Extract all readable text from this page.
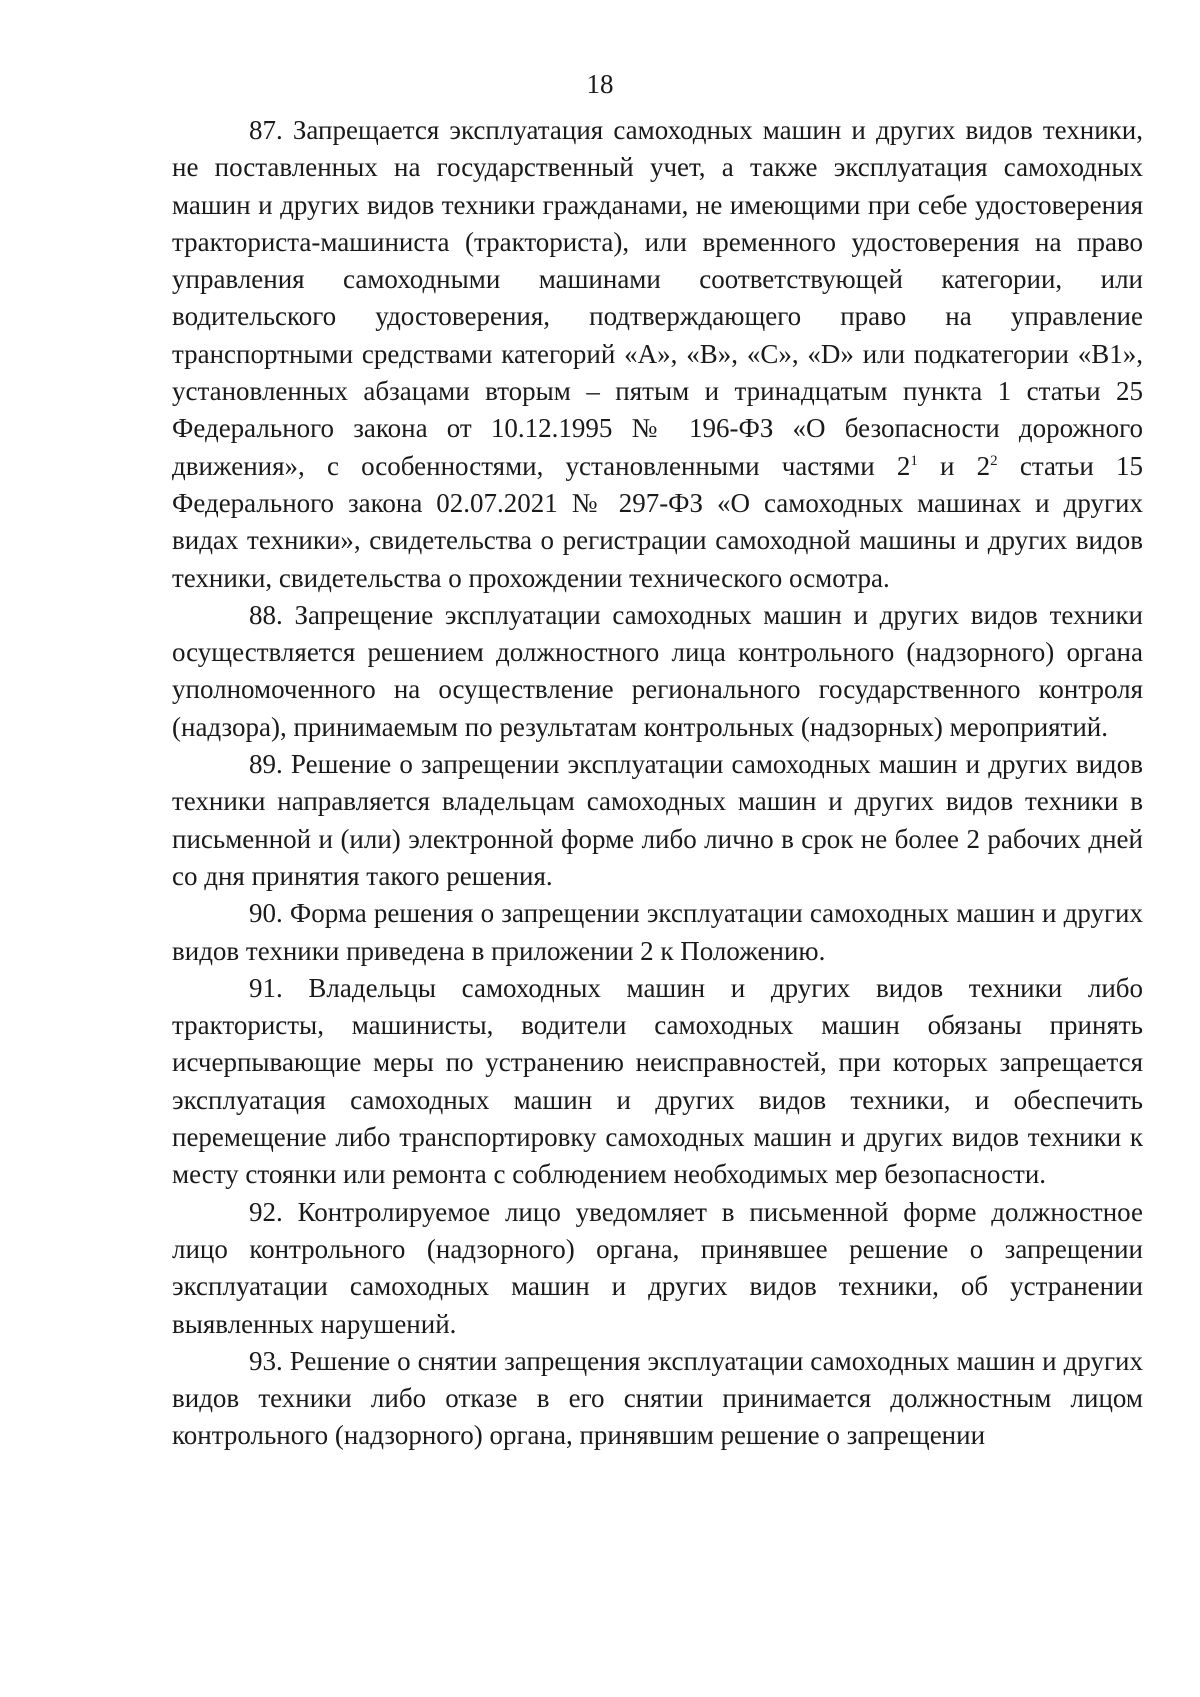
18

87. Запрещается эксплуатация самоходных машин и других видов техники, не поставленных на государственный учет, а также эксплуатация самоходных машин и других видов техники гражданами, не имеющими при себе удостоверения тракториста-машиниста (тракториста), или временного удостоверения на право управления самоходными машинами соответствующей категории, или водительского удостоверения, подтверждающего право на управление транспортными средствами категорий «A», «B», «C», «D» или подкатегории «B1», установленных абзацами вторым – пятым и тринадцатым пункта 1 статьи 25 Федерального закона от 10.12.1995 № 196-ФЗ «О безопасности дорожного движения», с особенностями, установленными частями $2^1$ и $2^2$ статьи 15 Федерального закона 02.07.2021 № 297-ФЗ «О самоходных машинах и других видах техники», свидетельства о регистрации самоходной машины и других видов техники, свидетельства о прохождении технического осмотра.

88. Запрещение эксплуатации самоходных машин и других видов техники осуществляется решением должностного лица контрольного (надзорного) органа уполномоченного на осуществление регионального государственного контроля (надзора), принимаемым по результатам контрольных (надзорных) мероприятий.

89. Решение о запрещении эксплуатации самоходных машин и других видов техники направляется владельцам самоходных машин и других видов техники в письменной и (или) электронной форме либо лично в срок не более 2 рабочих дней со дня принятия такого решения.

90. Форма решения о запрещении эксплуатации самоходных машин и других видов техники приведена в приложении 2 к Положению.

91. Владельцы самоходных машин и других видов техники либо трактористы, машинисты, водители самоходных машин обязаны принять исчерпывающие меры по устранению неисправностей, при которых запрещается эксплуатация самоходных машин и других видов техники, и обеспечить перемещение либо транспортировку самоходных машин и других видов техники к месту стоянки или ремонта с соблюдением необходимых мер безопасности.

92. Контролируемое лицо уведомляет в письменной форме должностное лицо контрольного (надзорного) органа, принявшее решение о запрещении эксплуатации самоходных машин и других видов техники, об устранении выявленных нарушений.

93. Решение о снятии запрещения эксплуатации самоходных машин и других видов техники либо отказе в его снятии принимается должностным лицом контрольного (надзорного) органа, принявшим решение о запрещении
